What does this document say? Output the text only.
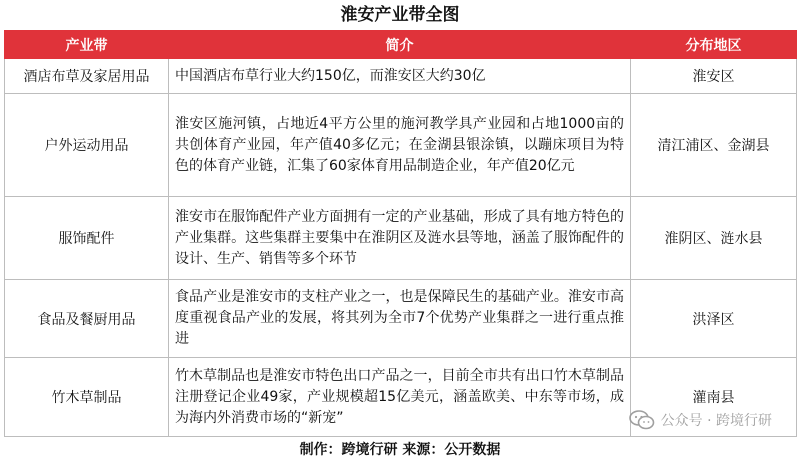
淮安产业带全图
产业带	简介	分布地区
酒店布草及家居用品	中国酒店布草行业大约150亿，而淮安区大约30亿	淮安区
户外运动用品	淮安区施河镇，占地近4平方公里的施河教学具产业园和占地1000亩的共创体育产业园，年产值40多亿元；在金湖县银涂镇，以蹦床项目为特色的体育产业链，汇集了60家体育用品制造企业，年产值20亿元	清江浦区、金湖县
服饰配件	淮安市在服饰配件产业方面拥有一定的产业基础，形成了具有地方特色的产业集群。这些集群主要集中在淮阴区及涟水县等地，涵盖了服饰配件的设计、生产、销售等多个环节	淮阴区、涟水县
食品及餐厨用品	食品产业是淮安市的支柱产业之一，也是保障民生的基础产业。淮安市高度重视食品产业的发展，将其列为全市7个优势产业集群之一进行重点推进	洪泽区
竹木草制品	竹木草制品也是淮安市特色出口产品之一，目前全市共有出口竹木草制品注册登记企业49家，产业规模超15亿美元，涵盖欧美、中东等市场，成为海内外消费市场的“新宠”	灌南县
公众号 · 跨境行研
制作：跨境行研 来源：公开数据
